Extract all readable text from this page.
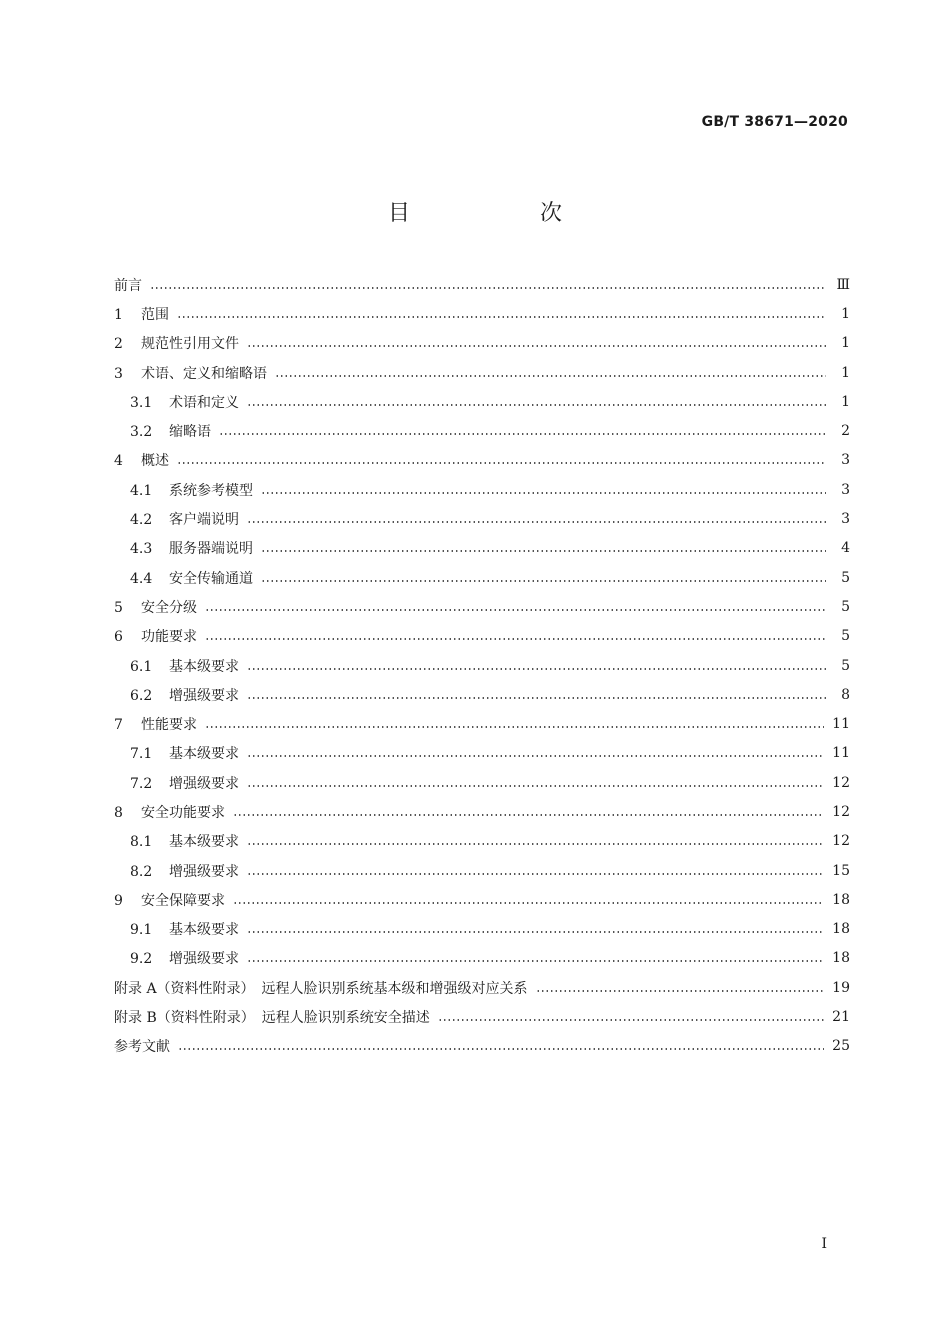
GB/T 38671—2020
目　次
前言	Ⅲ
1 范围	1
2 规范性引用文件	1
3 术语、定义和缩略语	1
3.1 术语和定义	1
3.2 缩略语	2
4 概述	3
4.1 系统参考模型	3
4.2 客户端说明	3
4.3 服务器端说明	4
4.4 安全传输通道	5
5 安全分级	5
6 功能要求	5
6.1 基本级要求	5
6.2 增强级要求	8
7 性能要求	11
7.1 基本级要求	11
7.2 增强级要求	12
8 安全功能要求	12
8.1 基本级要求	12
8.2 增强级要求	15
9 安全保障要求	18
9.1 基本级要求	18
9.2 增强级要求	18
附录 A（资料性附录）　远程人脸识别系统基本级和增强级对应关系	19
附录 B（资料性附录）　远程人脸识别系统安全描述	21
参考文献	25
I
